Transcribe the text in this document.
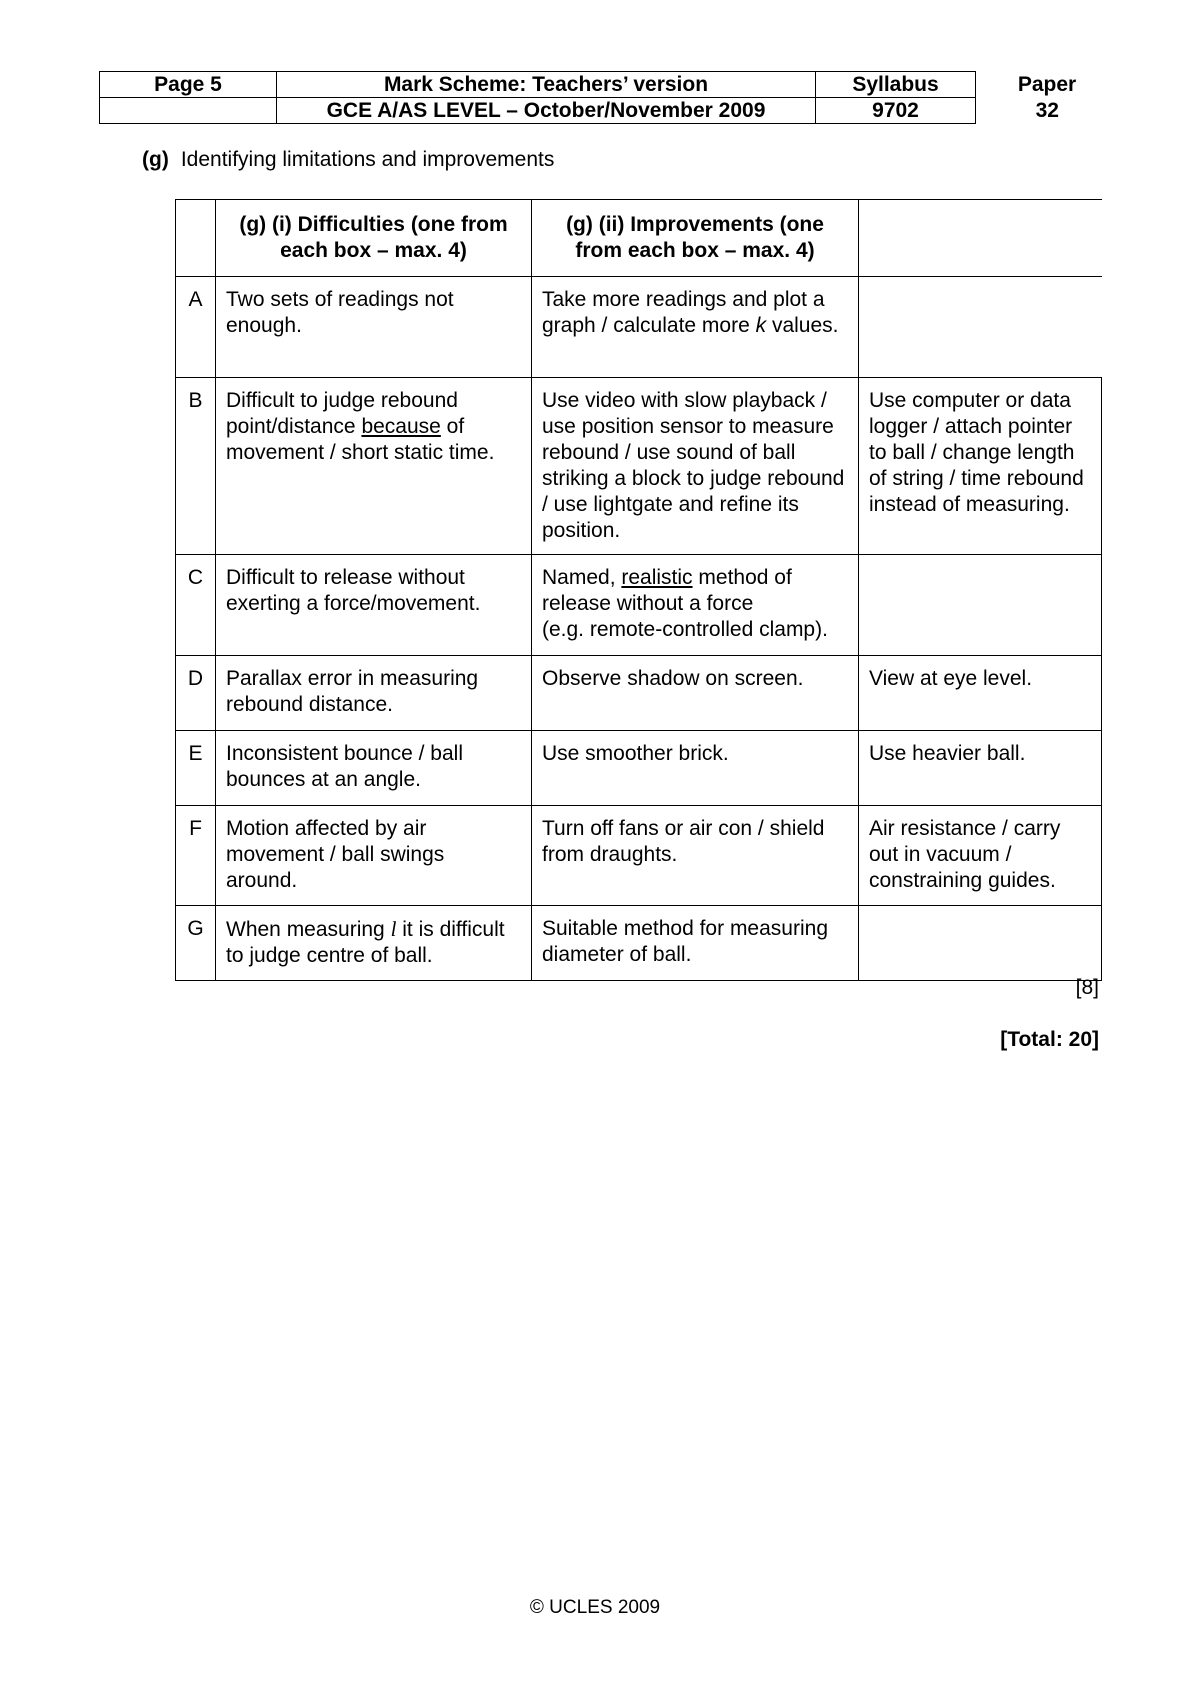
Page 5	Mark Scheme: Teachers’ version	Syllabus	Paper
	GCE A/AS LEVEL – October/November 2009	9702	32
(g) Identifying limitations and improvements
	(g) (i) Difficulties (one from each box – max. 4)	(g) (ii) Improvements (one from each box – max. 4)	
A	Two sets of readings not enough.	Take more readings and plot a graph / calculate more k values.	
B	Difficult to judge rebound point/distance because of movement / short static time.	Use video with slow playback / use position sensor to measure rebound / use sound of ball striking a block to judge rebound / use lightgate and refine its position.	Use computer or data logger / attach pointer to ball / change length of string / time rebound instead of measuring.
C	Difficult to release without exerting a force/movement.	Named, realistic method of release without a force
(e.g. remote-controlled clamp).	
D	Parallax error in measuring rebound distance.	Observe shadow on screen.	View at eye level.
E	Inconsistent bounce / ball bounces at an angle.	Use smoother brick.	Use heavier ball.
F	Motion affected by air movement / ball swings around.	Turn off fans or air con / shield from draughts.	Air resistance / carry out in vacuum / constraining guides.
G	When measuring l it is difficult to judge centre of ball.	Suitable method for measuring diameter of ball.	
[8]
[Total: 20]
© UCLES 2009
